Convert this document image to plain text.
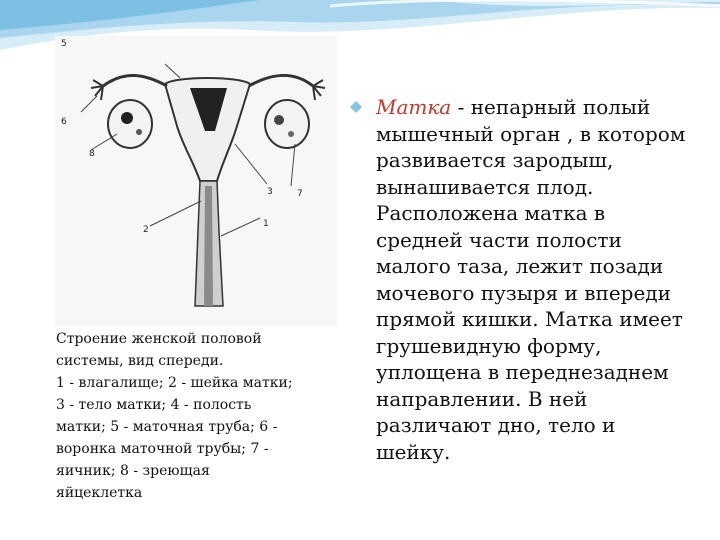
5
6
8
2
4
3	7
1
Строение женской половой системы, вид спереди.
1 - влагалище; 2 - шейка матки; 3 - тело матки; 4 - полость матки; 5 - маточная труба; 6 - воронка маточной трубы; 7 - яичник; 8 - зреющая яйцеклетка
Матка - непарный полый мышечный орган , в котором развивается зародыш, вынашивается плод. Расположена матка в средней части полости малого таза, лежит позади мочевого пузыря и впереди прямой кишки. Матка имеет грушевидную форму, уплощена в переднезаднем направлении. В ней различают дно, тело и шейку.
